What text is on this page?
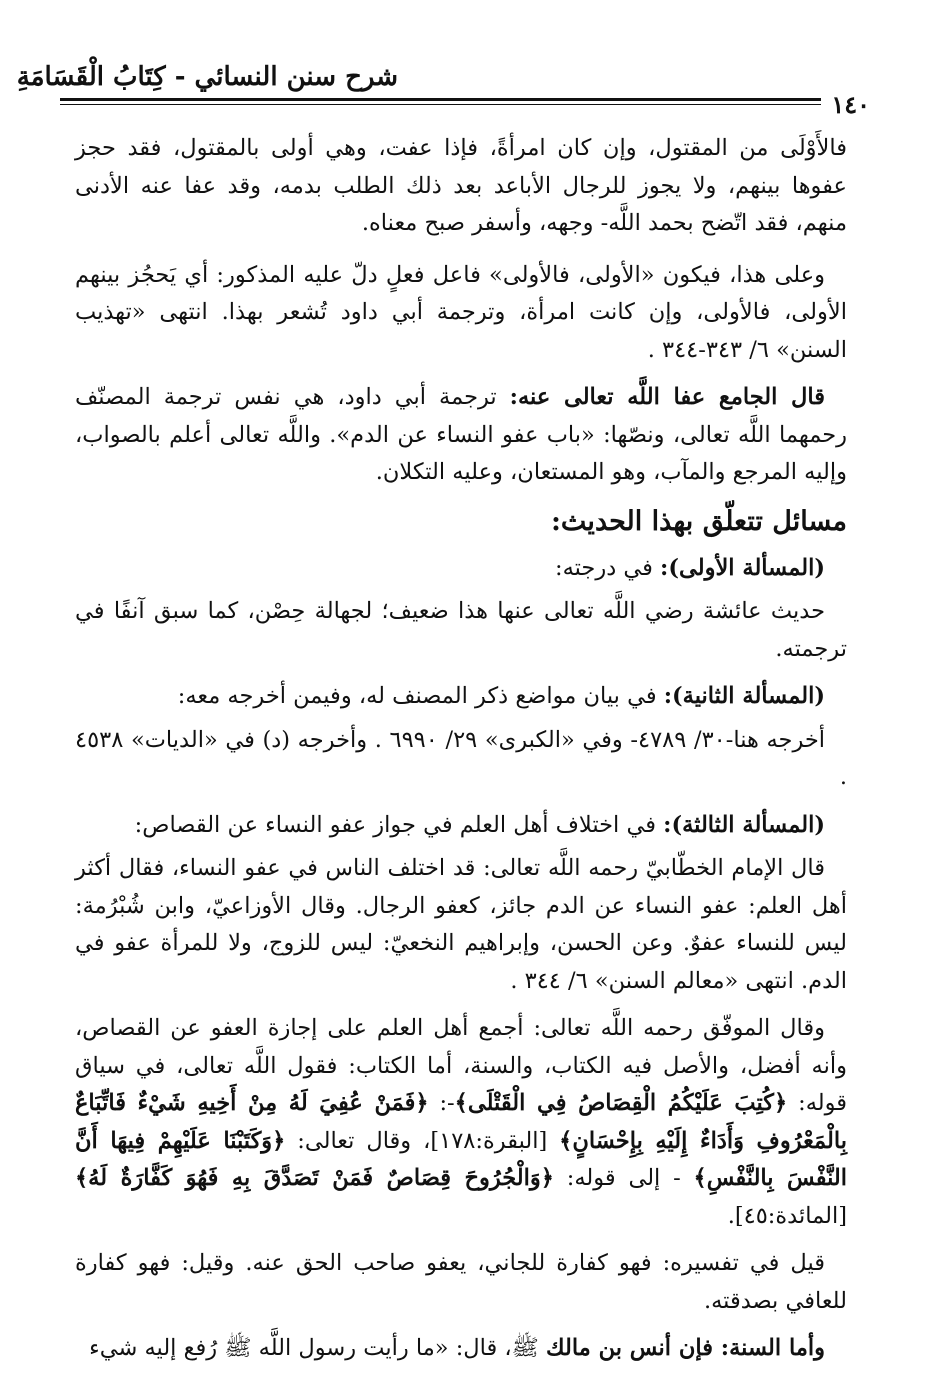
شرح سنن النسائي - كِتَابُ الْقَسَامَةِ
١٤٠

فالأَوْلَى من المقتول، وإن كان امرأةً، فإذا عفت، وهي أولى بالمقتول، فقد حجز عفوها بينهم، ولا يجوز للرجال الأباعد بعد ذلك الطلب بدمه، وقد عفا عنه الأدنى منهم، فقد اتّضح بحمد اللَّه- وجهه، وأسفر صبح معناه.

وعلى هذا، فيكون «الأولى، فالأولى» فاعل فعلٍ دلّ عليه المذكور: أي يَحجُز بينهم الأولى، فالأولى، وإن كانت امرأة، وترجمة أبي داود تُشعر بهذا. انتهى «تهذيب السنن» ٦/ ٣٤٣-٣٤٤ .

قال الجامع عفا اللَّه تعالى عنه: ترجمة أبي داود، هي نفس ترجمة المصنّف رحمهما اللَّه تعالى، ونصّها: «باب عفو النساء عن الدم». واللَّه تعالى أعلم بالصواب، وإليه المرجع والمآب، وهو المستعان، وعليه التكلان.

مسائل تتعلّق بهذا الحديث:

(المسألة الأولى): في درجته:

حديث عائشة رضي اللَّه تعالى عنها هذا ضعيف؛ لجهالة حِصْن، كما سبق آنفًا في ترجمته.

(المسألة الثانية): في بيان مواضع ذكر المصنف له، وفيمن أخرجه معه:

أخرجه هنا-٣٠/ ٤٧٨٩- وفي «الكبرى» ٢٩/ ٦٩٩٠ . وأخرجه (د) في «الديات» ٤٥٣٨ .

(المسألة الثالثة): في اختلاف أهل العلم في جواز عفو النساء عن القصاص:

قال الإمام الخطّابيّ رحمه اللَّه تعالى: قد اختلف الناس في عفو النساء، فقال أكثر أهل العلم: عفو النساء عن الدم جائز، كعفو الرجال. وقال الأوزاعيّ، وابن شُبْرُمة: ليس للنساء عفوٌ. وعن الحسن، وإبراهيم النخعيّ: ليس للزوج، ولا للمرأة عفو في الدم. انتهى «معالم السنن» ٦/ ٣٤٤ .

وقال الموفّق رحمه اللَّه تعالى: أجمع أهل العلم على إجازة العفو عن القصاص، وأنه أفضل، والأصل فيه الكتاب، والسنة، أما الكتاب: فقول اللَّه تعالى، في سياق قوله: ﴿كُتِبَ عَلَيْكُمُ الْقِصَاصُ فِي الْقَتْلَى﴾-: ﴿فَمَنْ عُفِيَ لَهُ مِنْ أَخِيهِ شَيْءٌ فَاتِّبَاعٌ بِالْمَعْرُوفِ وَأَدَاءٌ إِلَيْهِ بِإِحْسَانٍ﴾ [البقرة:١٧٨]، وقال تعالى: ﴿وَكَتَبْنَا عَلَيْهِمْ فِيهَا أَنَّ النَّفْسَ بِالنَّفْسِ﴾ - إلى قوله: ﴿وَالْجُرُوحَ قِصَاصٌ فَمَنْ تَصَدَّقَ بِهِ فَهُوَ كَفَّارَةٌ لَهُ﴾ [المائدة:٤٥].

قيل في تفسيره: فهو كفارة للجاني، يعفو صاحب الحق عنه. وقيل: فهو كفارة للعافي بصدقته.

وأما السنة: فإن أنس بن مالك ﷺ، قال: «ما رأيت رسول اللَّه ﷺ رُفع إليه شيء
